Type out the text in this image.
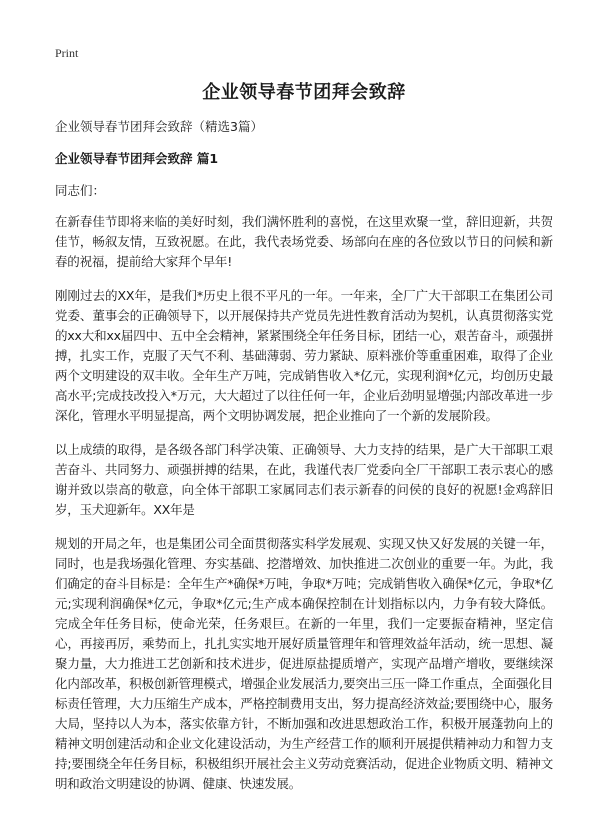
Print
企业领导春节团拜会致辞
企业领导春节团拜会致辞（精选3篇）
企业领导春节团拜会致辞 篇1
同志们：

在新春佳节即将来临的美好时刻，我们满怀胜利的喜悦，在这里欢聚一堂，辞旧迎新，共贺佳节，畅叙友情，互致祝愿。在此，我代表场党委、场部向在座的各位致以节日的问候和新春的祝福，提前给大家拜个早年!

刚刚过去的XX年，是我们*历史上很不平凡的一年。一年来，全厂广大干部职工在集团公司党委、董事会的正确领导下，以开展保持共产党员先进性教育活动为契机，认真贯彻落实党的xx大和xx届四中、五中全会精神，紧紧围绕全年任务目标，团结一心，艰苦奋斗，顽强拼搏，扎实工作，克服了天气不利、基础薄弱、劳力紧缺、原料涨价等重重困难，取得了企业两个文明建设的双丰收。全年生产万吨，完成销售收入*亿元，实现利润*亿元，均创历史最高水平;完成技改投入*万元，大大超过了以往任何一年，企业后劲明显增强;内部改革进一步深化，管理水平明显提高，两个文明协调发展，把企业推向了一个新的发展阶段。

以上成绩的取得，是各级各部门科学决策、正确领导、大力支持的结果，是广大干部职工艰苦奋斗、共同努力、顽强拼搏的结果，在此，我谨代表厂党委向全厂干部职工表示衷心的感谢并致以崇高的敬意，向全体干部职工家属同志们表示新春的问侯的良好的祝愿!金鸡辞旧岁，玉犬迎新年。XX年是

规划的开局之年，也是集团公司全面贯彻落实科学发展观、实现又快又好发展的关键一年，同时，也是我场强化管理、夯实基础、挖潜增效、加快推进二次创业的重要一年。为此，我们确定的奋斗目标是：全年生产*确保*万吨，争取*万吨；完成销售收入确保*亿元，争取*亿元;实现利润确保*亿元，争取*亿元;生产成本确保控制在计划指标以内，力争有较大降低。完成全年任务目标，使命光荣，任务艰巨。在新的一年里，我们一定要振奋精神，坚定信心，再接再厉，乘势而上，扎扎实实地开展好质量管理年和管理效益年活动，统一思想、凝聚力量，大力推进工艺创新和技术进步，促进原盐提质增产，实现产品增产增收，要继续深化内部改革，积极创新管理模式，增强企业发展活力,要突出三压一降工作重点，全面强化目标责任管理，大力压缩生产成本，严格控制费用支出，努力提高经济效益;要围绕中心，服务大局，坚持以人为本，落实依靠方针，不断加强和改进思想政治工作，积极开展蓬勃向上的精神文明创建活动和企业文化建设活动，为生产经营工作的顺利开展提供精神动力和智力支持;要围绕全年任务目标，积极组织开展社会主义劳动竞赛活动，促进企业物质文明、精神文明和政治文明建设的协调、健康、快速发展。
